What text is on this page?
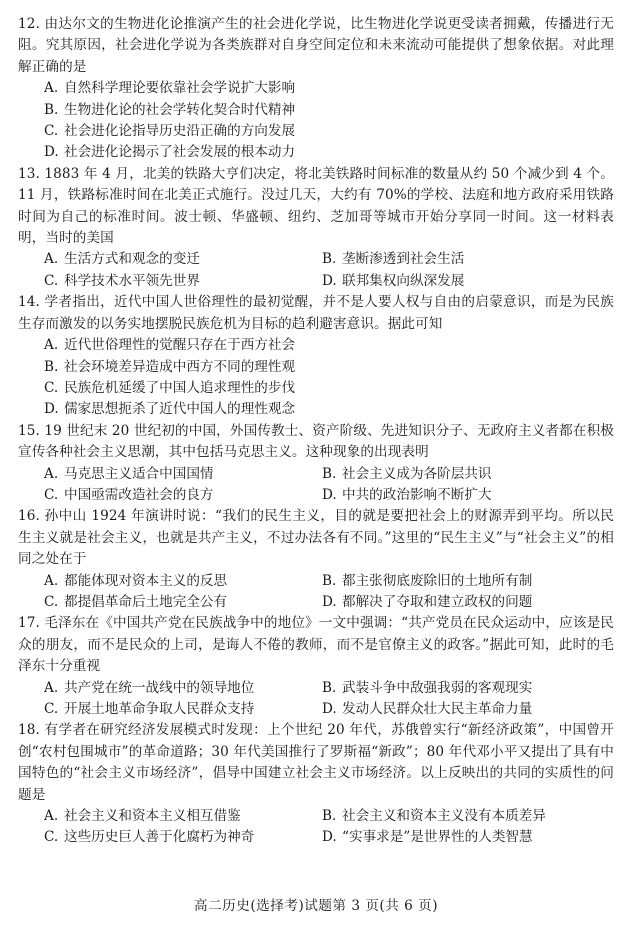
12. 由达尔文的生物进化论推演产生的社会进化学说，比生物进化学说更受读者拥戴，传播进行无阻。究其原因，社会进化学说为各类族群对自身空间定位和未来流动可能提供了想象依据。对此理解正确的是

A. 自然科学理论要依靠社会学说扩大影响
B. 生物进化论的社会学转化契合时代精神
C. 社会进化论指导历史沿正确的方向发展
D. 社会进化论揭示了社会发展的根本动力

13. 1883 年 4 月，北美的铁路大亨们决定，将北美铁路时间标准的数量从约 50 个减少到 4 个。11 月，铁路标准时间在北美正式施行。没过几天，大约有 70%的学校、法庭和地方政府采用铁路时间为自己的标准时间。波士顿、华盛顿、纽约、芝加哥等城市开始分享同一时间。这一材料表明，当时的美国

A. 生活方式和观念的变迁	B. 垄断渗透到社会生活
C. 科学技术水平领先世界	D. 联邦集权向纵深发展

14. 学者指出，近代中国人世俗理性的最初觉醒，并不是人要人权与自由的启蒙意识，而是为民族生存而激发的以务实地摆脱民族危机为目标的趋利避害意识。据此可知

A. 近代世俗理性的觉醒只存在于西方社会
B. 社会环境差异造成中西方不同的理性观
C. 民族危机延缓了中国人追求理性的步伐
D. 儒家思想扼杀了近代中国人的理性观念

15. 19 世纪末 20 世纪初的中国，外国传教士、资产阶级、先进知识分子、无政府主义者都在积极宣传各种社会主义思潮，其中包括马克思主义。这种现象的出现表明

A. 马克思主义适合中国国情	B. 社会主义成为各阶层共识
C. 中国亟需改造社会的良方	D. 中共的政治影响不断扩大

16. 孙中山 1924 年演讲时说：“我们的民生主义，目的就是要把社会上的财源弄到平均。所以民生主义就是社会主义，也就是共产主义，不过办法各有不同。”这里的“民生主义”与“社会主义”的相同之处在于

A. 都能体现对资本主义的反思	B. 都主张彻底废除旧的土地所有制
C. 都提倡革命后土地完全公有	D. 都解决了夺取和建立政权的问题

17. 毛泽东在《中国共产党在民族战争中的地位》一文中强调：“共产党员在民众运动中，应该是民众的朋友，而不是民众的上司，是诲人不倦的教师，而不是官僚主义的政客。”据此可知，此时的毛泽东十分重视

A. 共产党在统一战线中的领导地位	B. 武装斗争中敌强我弱的客观现实
C. 开展土地革命争取人民群众支持	D. 发动人民群众壮大民主革命力量

18. 有学者在研究经济发展模式时发现：上个世纪 20 年代，苏俄曾实行“新经济政策”，中国曾开创“农村包围城市”的革命道路；30 年代美国推行了罗斯福“新政”；80 年代邓小平又提出了具有中国特色的“社会主义市场经济”，倡导中国建立社会主义市场经济。以上反映出的共同的实质性的问题是

A. 社会主义和资本主义相互借鉴	B. 社会主义和资本主义没有本质差异
C. 这些历史巨人善于化腐朽为神奇	D. “实事求是”是世界性的人类智慧
高二历史(选择考)试题第 3 页(共 6 页)
